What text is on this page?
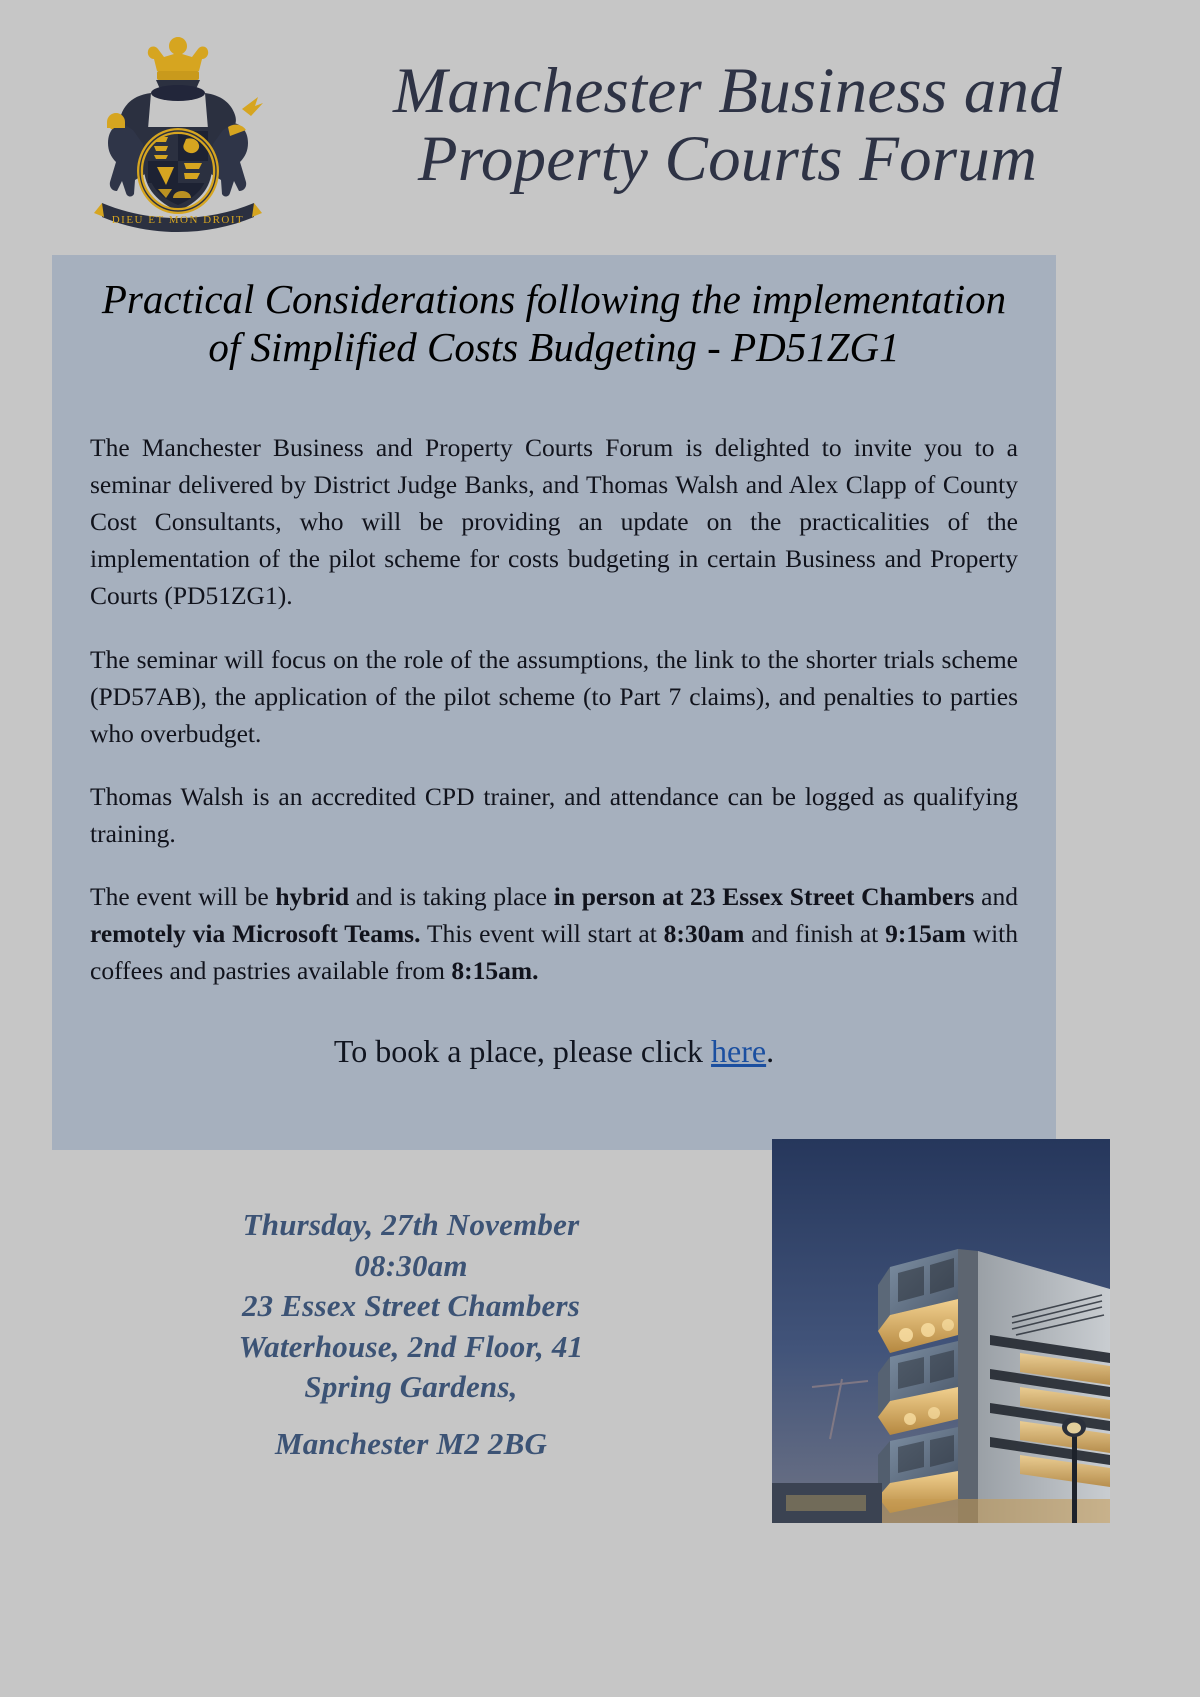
DIEU ET MON DROIT
Manchester Business and
Property Courts Forum
Practical Considerations following the implementation of Simplified Costs Budgeting - PD51ZG1

The Manchester Business and Property Courts Forum is delighted to invite you to a seminar delivered by District Judge Banks, and Thomas Walsh and Alex Clapp of County Cost Consultants, who will be providing an update on the practicalities of the implementation of the pilot scheme for costs budgeting in certain Business and Property Courts (PD51ZG1).

The seminar will focus on the role of the assumptions, the link to the shorter trials scheme (PD57AB), the application of the pilot scheme (to Part 7 claims), and penalties to parties who overbudget.

Thomas Walsh is an accredited CPD trainer, and attendance can be logged as qualifying training.

The event will be hybrid and is taking place in person at 23 Essex Street Chambers and remotely via Microsoft Teams. This event will start at 8:30am and finish at 9:15am with coffees and pastries available from 8:15am.

To book a place, please click here.
Thursday, 27th November
08:30am
23 Essex Street Chambers
Waterhouse, 2nd Floor, 41
Spring Gardens,
Manchester M2 2BG
